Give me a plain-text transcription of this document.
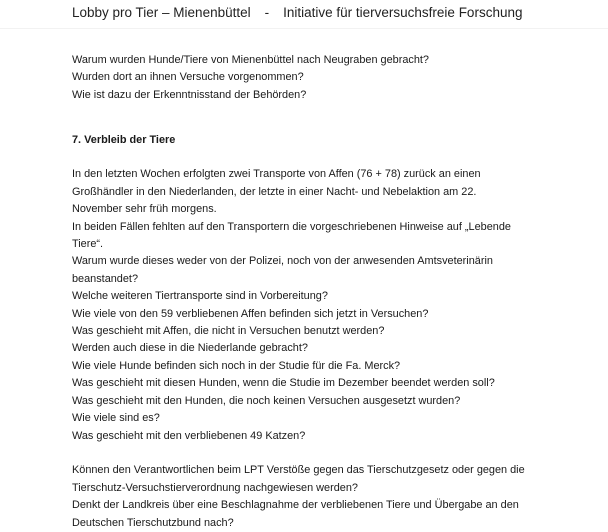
Lobby pro Tier – Mienenbüttel - Initiative für tierversuchsfreie Forschung
Warum wurden Hunde/Tiere von Mienenbüttel nach Neugraben gebracht?
Wurden dort an ihnen Versuche vorgenommen?
Wie ist dazu der Erkenntnisstand der Behörden?
7. Verbleib der Tiere
In den letzten Wochen erfolgten zwei Transporte von Affen (76 + 78) zurück an einen
Großhändler in den Niederlanden, der letzte in einer Nacht- und Nebelaktion am 22.
November sehr früh morgens.
In beiden Fällen fehlten auf den Transportern die vorgeschriebenen Hinweise auf „Lebende
Tiere“.
Warum wurde dieses weder von der Polizei, noch von der anwesenden Amtsveterinärin
beanstandet?
Welche weiteren Tiertransporte sind in Vorbereitung?
Wie viele von den 59 verbliebenen Affen befinden sich jetzt in Versuchen?
Was geschieht mit Affen, die nicht in Versuchen benutzt werden?
Werden auch diese in die Niederlande gebracht?
Wie viele Hunde befinden sich noch in der Studie für die Fa. Merck?
Was geschieht mit diesen Hunden, wenn die Studie im Dezember beendet werden soll?
Was geschieht mit den Hunden, die noch keinen Versuchen ausgesetzt wurden?
Wie viele sind es?
Was geschieht mit den verbliebenen 49 Katzen?
Können den Verantwortlichen beim LPT Verstöße gegen das Tierschutzgesetz oder gegen die
Tierschutz-Versuchstierverordnung nachgewiesen werden?
Denkt der Landkreis über eine Beschlagnahme der verbliebenen Tiere und Übergabe an den
Deutschen Tierschutzbund nach?
